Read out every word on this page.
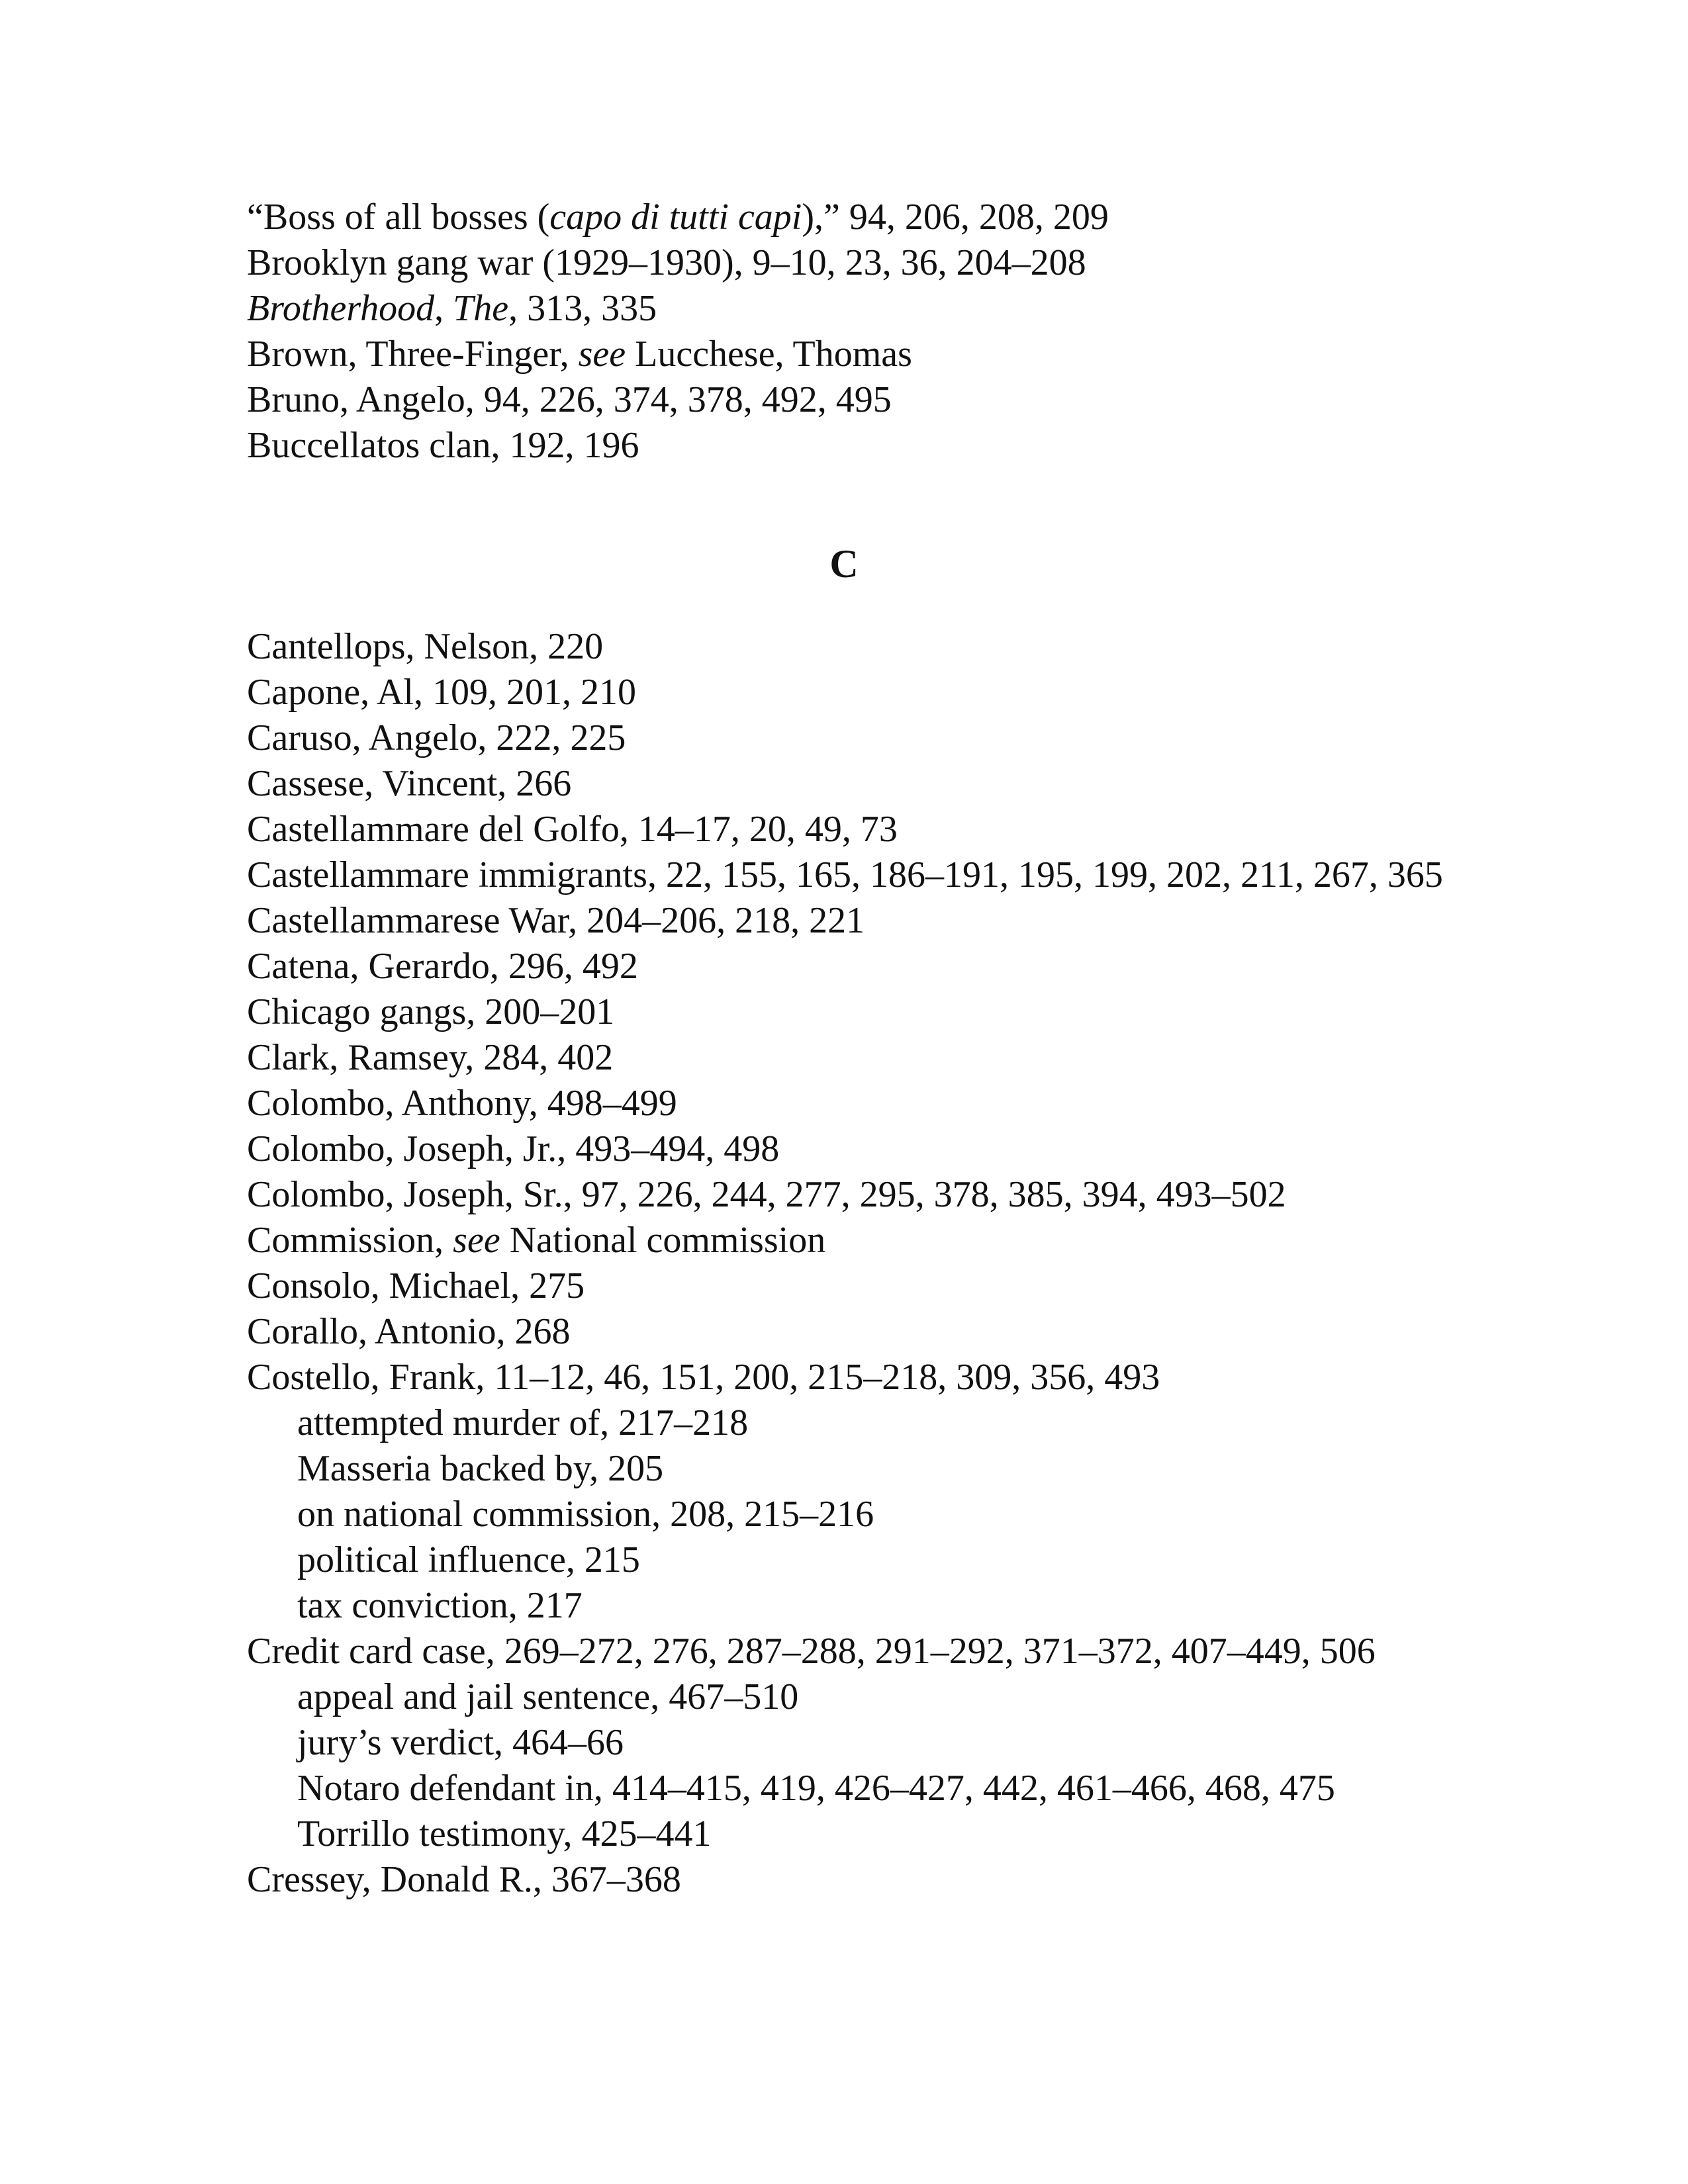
“Boss of all bosses (capo di tutti capi),” 94, 206, 208, 209

Brooklyn gang war (1929–1930), 9–10, 23, 36, 204–208

Brotherhood, The, 313, 335

Brown, Three-Finger, see Lucchese, Thomas

Bruno, Angelo, 94, 226, 374, 378, 492, 495

Buccellatos clan, 192, 196

C

Cantellops, Nelson, 220

Capone, Al, 109, 201, 210

Caruso, Angelo, 222, 225

Cassese, Vincent, 266

Castellammare del Golfo, 14–17, 20, 49, 73

Castellammare immigrants, 22, 155, 165, 186–191, 195, 199, 202, 211, 267, 365

Castellammarese War, 204–206, 218, 221

Catena, Gerardo, 296, 492

Chicago gangs, 200–201

Clark, Ramsey, 284, 402

Colombo, Anthony, 498–499

Colombo, Joseph, Jr., 493–494, 498

Colombo, Joseph, Sr., 97, 226, 244, 277, 295, 378, 385, 394, 493–502

Commission, see National commission

Consolo, Michael, 275

Corallo, Antonio, 268

Costello, Frank, 11–12, 46, 151, 200, 215–218, 309, 356, 493

attempted murder of, 217–218

Masseria backed by, 205

on national commission, 208, 215–216

political influence, 215

tax conviction, 217

Credit card case, 269–272, 276, 287–288, 291–292, 371–372, 407–449, 506

appeal and jail sentence, 467–510

jury’s verdict, 464–66

Notaro defendant in, 414–415, 419, 426–427, 442, 461–466, 468, 475

Torrillo testimony, 425–441

Cressey, Donald R., 367–368
